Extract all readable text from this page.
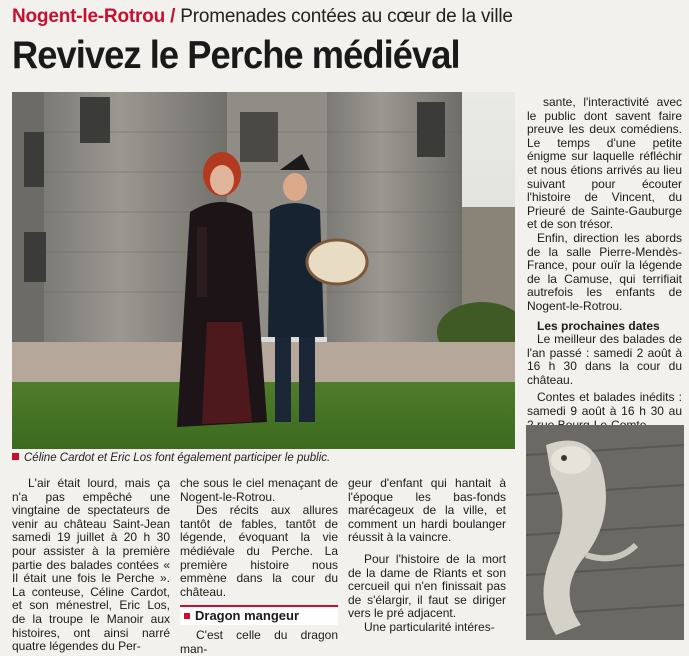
Nogent-le-Rotrou / Promenades contées au cœur de la ville
Revivez le Perche médiéval
Céline Cardot et Eric Los font également participer le public.

L'air était lourd, mais ça n'a pas empêché une vingtaine de spectateurs de venir au château Saint-Jean samedi 19 juillet à 20 h 30 pour assister à la première partie des balades contées « Il était une fois le Perche ». La conteuse, Céline Cardot, et son ménestrel, Eric Los, de la troupe le Manoir aux histoires, ont ainsi narré quatre légendes du Per-

che sous le ciel menaçant de Nogent-le-Rotrou.

Des récits aux allures tantôt de fables, tantôt de légende, évoquant la vie médiévale du Perche. La première histoire nous emmène dans la cour du château.

Dragon mangeur

C'est celle du dragon man-

geur d'enfant qui hantait à l'époque les bas-fonds marécageux de la ville, et comment un hardi boulanger réussit à la vaincre.

Pour l'histoire de la mort de la dame de Riants et son cercueil qui n'en finissait pas de s'élargir, il faut se diriger vers le pré adjacent.

Une particularité intéres-

sante, l'interactivité avec le public dont savent faire preuve les deux comédiens. Le temps d'une petite énigme sur laquelle réfléchir et nous étions arrivés au lieu suivant pour écouter l'histoire de Vincent, du Prieuré de Sainte-Gauburge et de son trésor.

Enfin, direction les abords de la salle Pierre-Mendès-France, pour ouïr la légende de la Camuse, qui terrifiait autrefois les enfants de Nogent-le-Rotrou.

Les prochaines dates

Le meilleur des balades de l'an passé : samedi 2 août à 16 h 30 dans la cour du château.

Contes et balades inédits : samedi 9 août à 16 h 30 au
